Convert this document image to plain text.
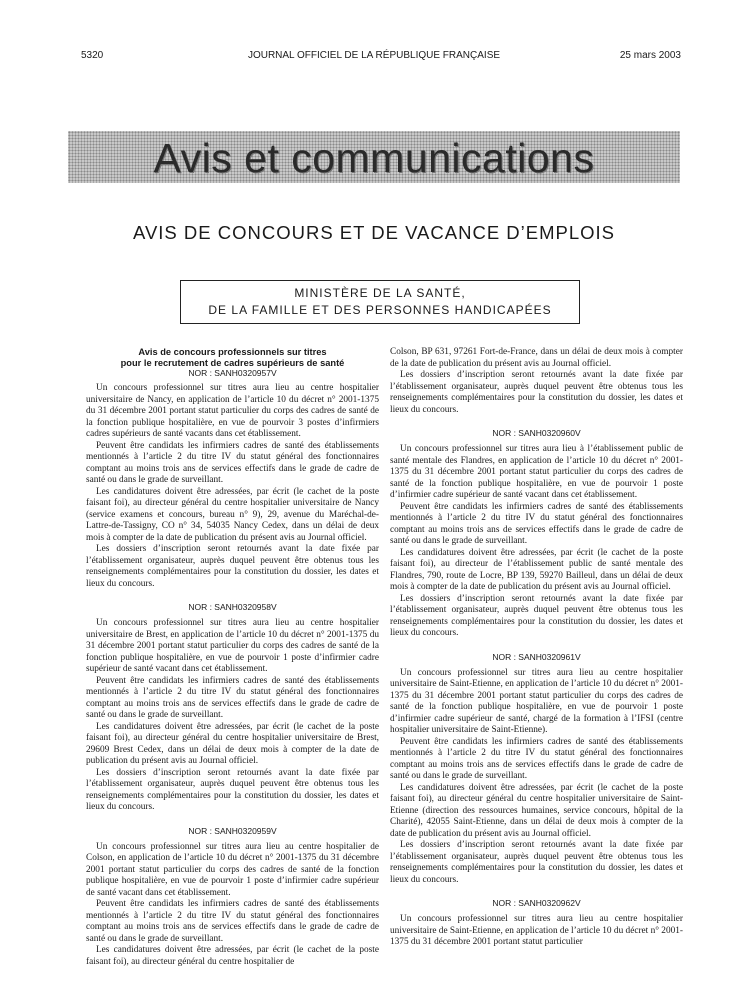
5320	JOURNAL OFFICIEL DE LA RÉPUBLIQUE FRANÇAISE	25 mars 2003
Avis et communications
AVIS DE CONCOURS ET DE VACANCE D’EMPLOIS
MINISTÈRE DE LA SANTÉ,
DE LA FAMILLE ET DES PERSONNES HANDICAPÉES
Avis de concours professionnels sur titres
pour le recrutement de cadres supérieurs de santé
NOR : SANH0320957V

Un concours professionnel sur titres aura lieu au centre hospitalier universitaire de Nancy, en application de l’article 10 du décret n° 2001-1375 du 31 décembre 2001 portant statut particulier du corps des cadres de santé de la fonction publique hospitalière, en vue de pourvoir 3 postes d’infirmiers cadres supérieurs de santé vacants dans cet établissement.

Peuvent être candidats les infirmiers cadres de santé des établissements mentionnés à l’article 2 du titre IV du statut général des fonctionnaires comptant au moins trois ans de services effectifs dans le grade de cadre de santé ou dans le grade de surveillant.

Les candidatures doivent être adressées, par écrit (le cachet de la poste faisant foi), au directeur général du centre hospitalier universitaire de Nancy (service examens et concours, bureau n° 9), 29, avenue du Maréchal-de-Lattre-de-Tassigny, CO n° 34, 54035 Nancy Cedex, dans un délai de deux mois à compter de la date de publication du présent avis au Journal officiel.

Les dossiers d’inscription seront retournés avant la date fixée par l’établissement organisateur, auprès duquel peuvent être obtenus tous les renseignements complémentaires pour la constitution du dossier, les dates et lieux du concours.

NOR : SANH0320958V

Un concours professionnel sur titres aura lieu au centre hospitalier universitaire de Brest, en application de l’article 10 du décret n° 2001-1375 du 31 décembre 2001 portant statut particulier du corps des cadres de santé de la fonction publique hospitalière, en vue de pourvoir 1 poste d’infirmier cadre supérieur de santé vacant dans cet établissement.

Peuvent être candidats les infirmiers cadres de santé des établissements mentionnés à l’article 2 du titre IV du statut général des fonctionnaires comptant au moins trois ans de services effectifs dans le grade de cadre de santé ou dans le grade de surveillant.

Les candidatures doivent être adressées, par écrit (le cachet de la poste faisant foi), au directeur général du centre hospitalier universitaire de Brest, 29609 Brest Cedex, dans un délai de deux mois à compter de la date de publication du présent avis au Journal officiel.

Les dossiers d’inscription seront retournés avant la date fixée par l’établissement organisateur, auprès duquel peuvent être obtenus tous les renseignements complémentaires pour la constitution du dossier, les dates et lieux du concours.

NOR : SANH0320959V

Un concours professionnel sur titres aura lieu au centre hospitalier de Colson, en application de l’article 10 du décret n° 2001-1375 du 31 décembre 2001 portant statut particulier du corps des cadres de santé de la fonction publique hospitalière, en vue de pourvoir 1 poste d’infirmier cadre supérieur de santé vacant dans cet établissement.

Peuvent être candidats les infirmiers cadres de santé des établissements mentionnés à l’article 2 du titre IV du statut général des fonctionnaires comptant au moins trois ans de services effectifs dans le grade de cadre de santé ou dans le grade de surveillant.

Les candidatures doivent être adressées, par écrit (le cachet de la poste faisant foi), au directeur général du centre hospitalier de

Colson, BP 631, 97261 Fort-de-France, dans un délai de deux mois à compter de la date de publication du présent avis au Journal officiel.

Les dossiers d’inscription seront retournés avant la date fixée par l’établissement organisateur, auprès duquel peuvent être obtenus tous les renseignements complémentaires pour la constitution du dossier, les dates et lieux du concours.

NOR : SANH0320960V

Un concours professionnel sur titres aura lieu à l’établissement public de santé mentale des Flandres, en application de l’article 10 du décret n° 2001-1375 du 31 décembre 2001 portant statut particulier du corps des cadres de santé de la fonction publique hospitalière, en vue de pourvoir 1 poste d’infirmier cadre supérieur de santé vacant dans cet établissement.

Peuvent être candidats les infirmiers cadres de santé des établissements mentionnés à l’article 2 du titre IV du statut général des fonctionnaires comptant au moins trois ans de services effectifs dans le grade de cadre de santé ou dans le grade de surveillant.

Les candidatures doivent être adressées, par écrit (le cachet de la poste faisant foi), au directeur de l’établissement public de santé mentale des Flandres, 790, route de Locre, BP 139, 59270 Bailleul, dans un délai de deux mois à compter de la date de publication du présent avis au Journal officiel.

Les dossiers d’inscription seront retournés avant la date fixée par l’établissement organisateur, auprès duquel peuvent être obtenus tous les renseignements complémentaires pour la constitution du dossier, les dates et lieux du concours.

NOR : SANH0320961V

Un concours professionnel sur titres aura lieu au centre hospitalier universitaire de Saint-Etienne, en application de l’article 10 du décret n° 2001-1375 du 31 décembre 2001 portant statut particulier du corps des cadres de santé de la fonction publique hospitalière, en vue de pourvoir 1 poste d’infirmier cadre supérieur de santé, chargé de la formation à l’IFSI (centre hospitalier universitaire de Saint-Etienne).

Peuvent être candidats les infirmiers cadres de santé des établissements mentionnés à l’article 2 du titre IV du statut général des fonctionnaires comptant au moins trois ans de services effectifs dans le grade de cadre de santé ou dans le grade de surveillant.

Les candidatures doivent être adressées, par écrit (le cachet de la poste faisant foi), au directeur général du centre hospitalier universitaire de Saint-Etienne (direction des ressources humaines, service concours, hôpital de la Charité), 42055 Saint-Etienne, dans un délai de deux mois à compter de la date de publication du présent avis au Journal officiel.

Les dossiers d’inscription seront retournés avant la date fixée par l’établissement organisateur, auprès duquel peuvent être obtenus tous les renseignements complémentaires pour la constitution du dossier, les dates et lieux du concours.

NOR : SANH0320962V

Un concours professionnel sur titres aura lieu au centre hospitalier universitaire de Saint-Etienne, en application de l’article 10 du décret n° 2001-1375 du 31 décembre 2001 portant statut particulier
